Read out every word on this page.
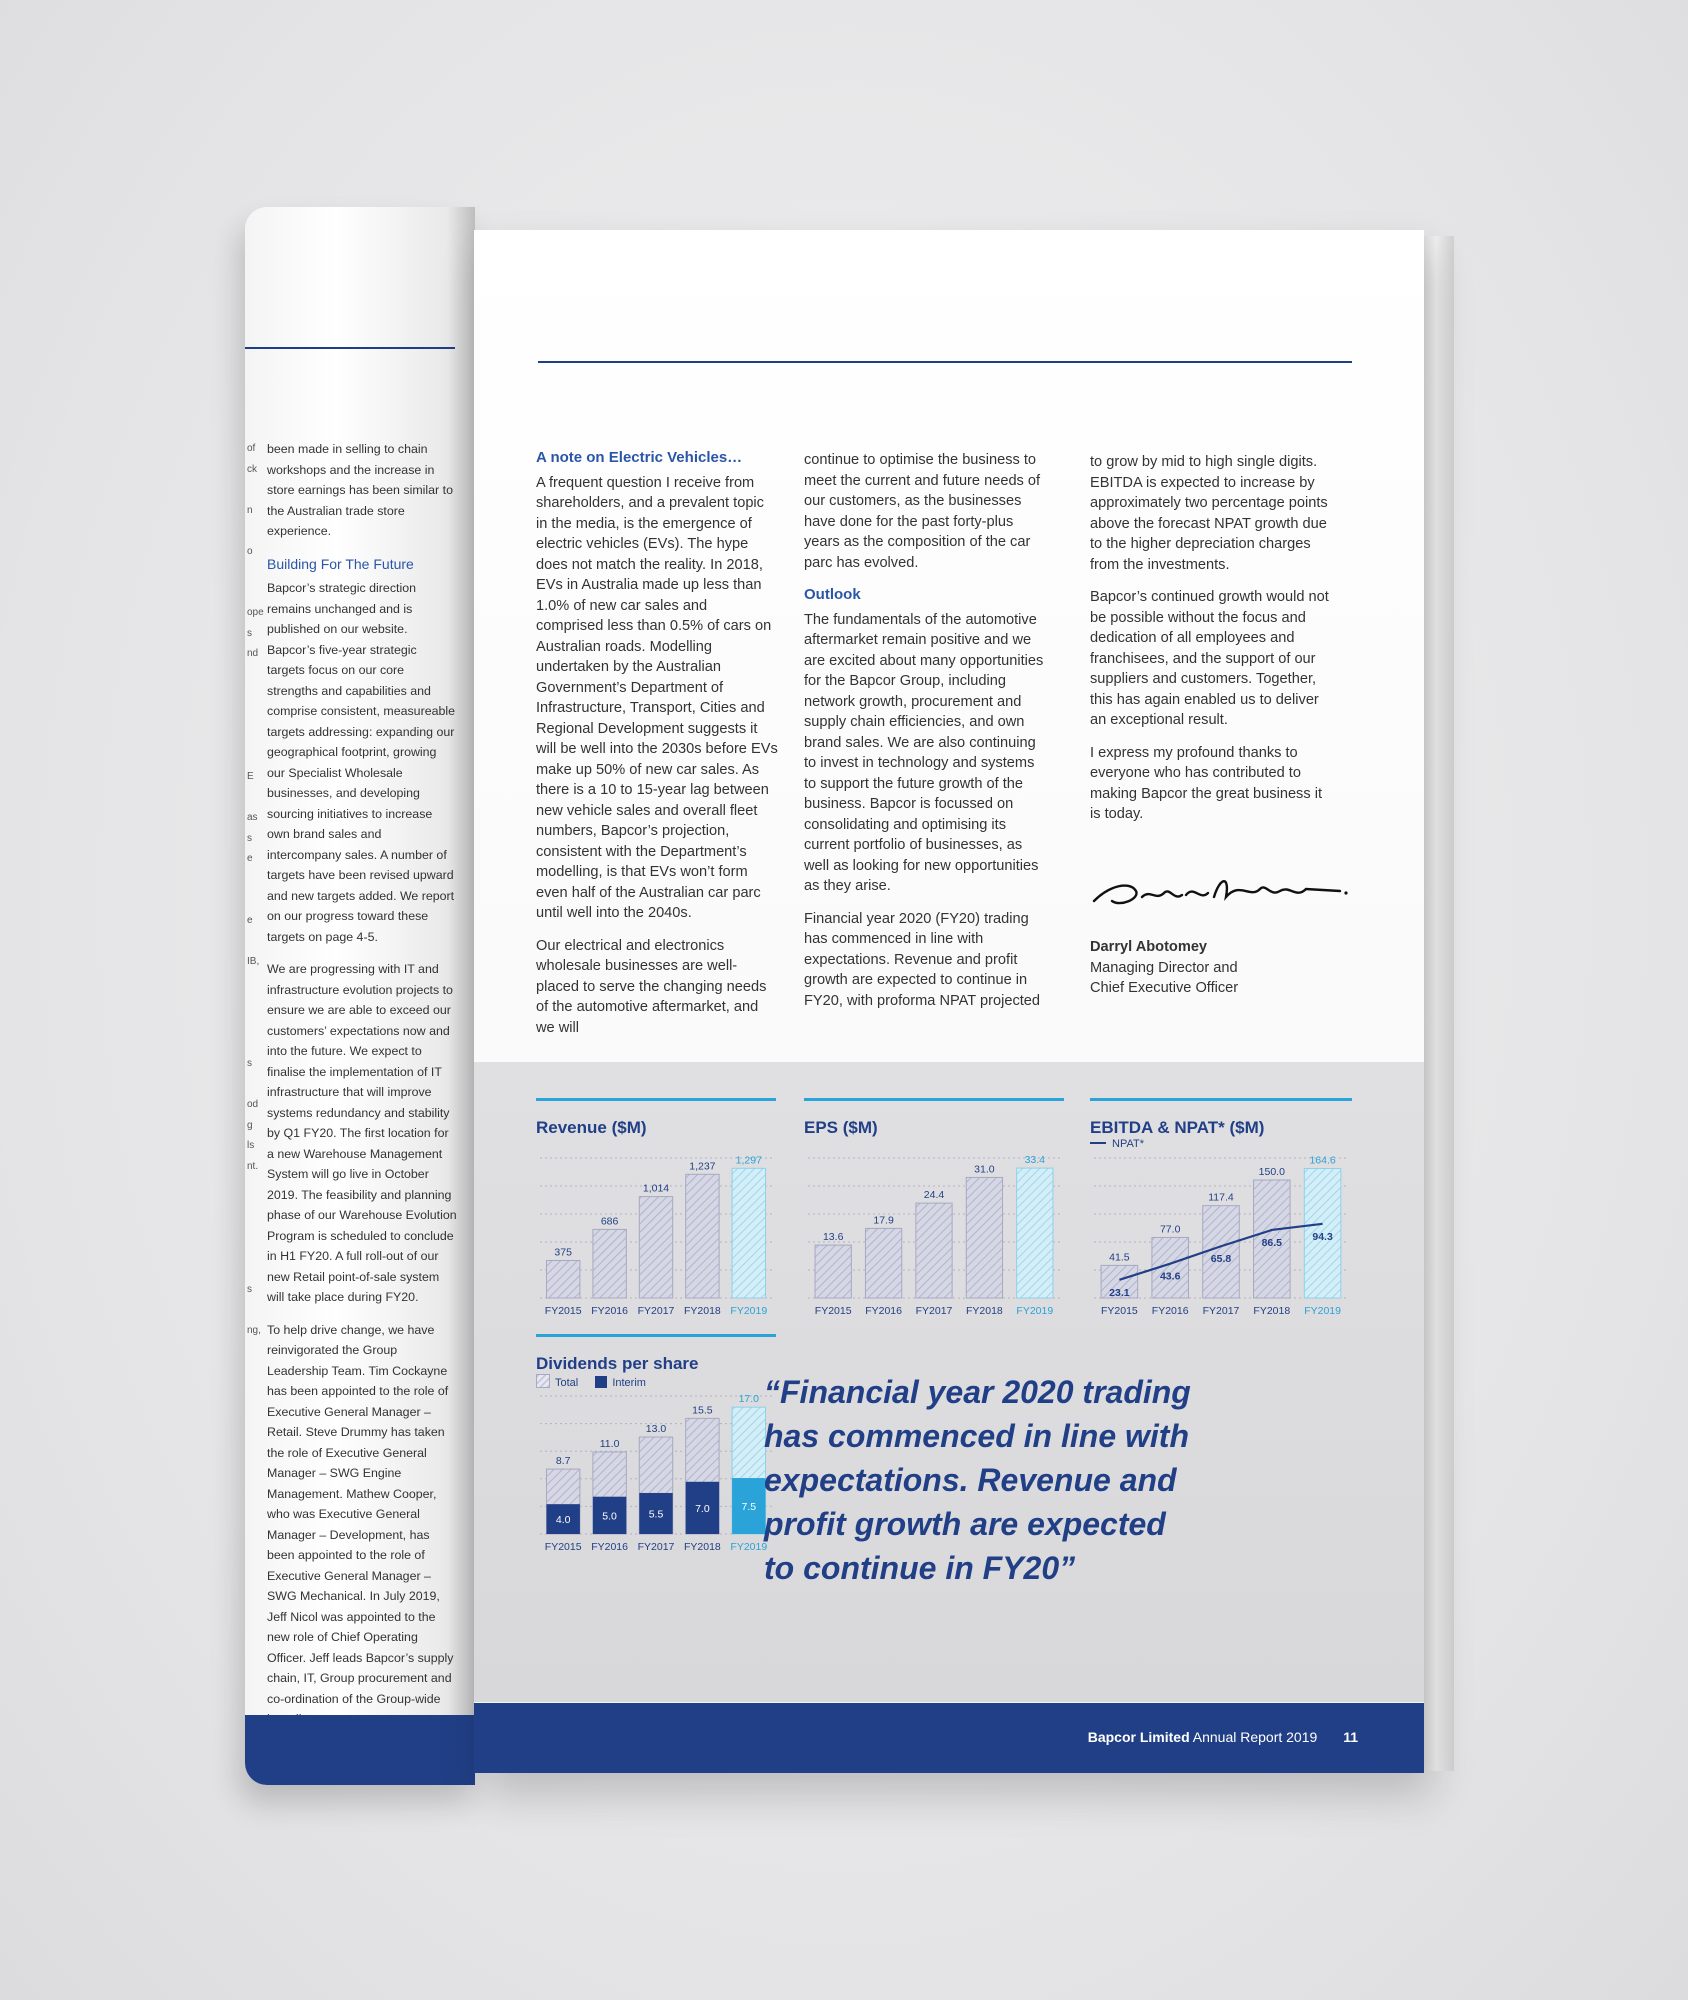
of
ck
n
o
ope
s
nd
E
as
s
e
e
IB,
s
od
g
ls
nt.
s
ng,

been made in selling to chain workshops and the increase in store earnings has been similar to the Australian trade store experience.

Building For The Future

Bapcor’s strategic direction remains unchanged and is published on our website. Bapcor’s five-year strategic targets focus on our core strengths and capabilities and comprise consistent, measureable targets addressing: expanding our geographical footprint, growing our Specialist Wholesale businesses, and developing sourcing initiatives to increase own brand sales and intercompany sales. A number of targets have been revised upward and new targets added. We report on our progress toward these targets on page 4-5.

We are progressing with IT and infrastructure evolution projects to ensure we are able to exceed our customers’ expectations now and into the future. We expect to finalise the implementation of IT infrastructure that will improve systems redundancy and stability by Q1 FY20. The first location for a new Warehouse Management System will go live in October 2019. The feasibility and planning phase of our Warehouse Evolution Program is scheduled to conclude in H1 FY20. A full roll-out of our new Retail point-of-sale system will take place during FY20.

To help drive change, we have reinvigorated the Group Leadership Team. Tim Cockayne has been appointed to the role of Executive General Manager – Retail. Steve Drummy has taken the role of Executive General Manager – SWG Engine Management. Mathew Cooper, who was Executive General Manager – Development, has been appointed to the role of Executive General Manager – SWG Mechanical. In July 2019, Jeff Nicol was appointed to the new role of Chief Operating Officer. Jeff leads Bapcor’s supply chain, IT, Group procurement and co-ordination of the Group-wide

A note on Electric Vehicles…

A frequent question I receive from shareholders, and a prevalent topic in the media, is the emergence of electric vehicles (EVs). The hype does not match the reality. In 2018, EVs in Australia made up less than 1.0% of new car sales and comprised less than 0.5% of cars on Australian roads. Modelling undertaken by the Australian Government’s Department of Infrastructure, Transport, Cities and Regional Development suggests it will be well into the 2030s before EVs make up 50% of new car sales. As there is a 10 to 15-year lag between new vehicle sales and overall fleet numbers, Bapcor’s projection, consistent with the Department’s modelling, is that EVs won’t form even half of the Australian car parc until well into the 2040s.

Our electrical and electronics wholesale businesses are well-placed to serve the changing needs of the automotive aftermarket, and we will

continue to optimise the business to meet the current and future needs of our customers, as the businesses have done for the past forty-plus years as the composition of the car parc has evolved.

Outlook

The fundamentals of the automotive aftermarket remain positive and we are excited about many opportunities for the Bapcor Group, including network growth, procurement and supply chain efficiencies, and own brand sales. We are also continuing to invest in technology and systems to support the future growth of the business. Bapcor is focussed on consolidating and optimising its current portfolio of businesses, as well as looking for new opportunities as they arise.

Financial year 2020 (FY20) trading has commenced in line with expectations. Revenue and profit growth are expected to continue in FY20, with proforma NPAT projected

to grow by mid to high single digits. EBITDA is expected to increase by approximately two percentage points above the forecast NPAT growth due to the higher depreciation charges from the investments.

Bapcor’s continued growth would not be possible without the focus and dedication of all employees and franchisees, and the support of our suppliers and customers. Together, this has again enabled us to deliver an exceptional result.

I express my profound thanks to everyone who has contributed to making Bapcor the great business it is today.

Darryl Abotomey
Managing Director and
Chief Executive Officer
Revenue ($M)
375
FY2015
686
FY2016
1,014
FY2017
1,237
FY2018
1,297
FY2019
EPS ($M)
13.6
FY2015
17.9
FY2016
24.4
FY2017
31.0
FY2018
33.4
FY2019
EBITDA & NPAT* ($M)
NPAT*
41.5
FY2015
77.0
FY2016
117.4
FY2017
150.0
FY2018
164.6
FY2019
23.1
43.6
65.8
86.5
94.3
Dividends per share
Total	Interim
4.0
8.7
FY2015
5.0
11.0
FY2016
5.5
13.0
FY2017
7.0
15.5
FY2018
7.5
17.0
FY2019
“Financial year 2020 trading has commenced in line with expectations. Revenue and profit growth are expected to continue in FY20”
Bapcor Limited Annual Report 2019 11
